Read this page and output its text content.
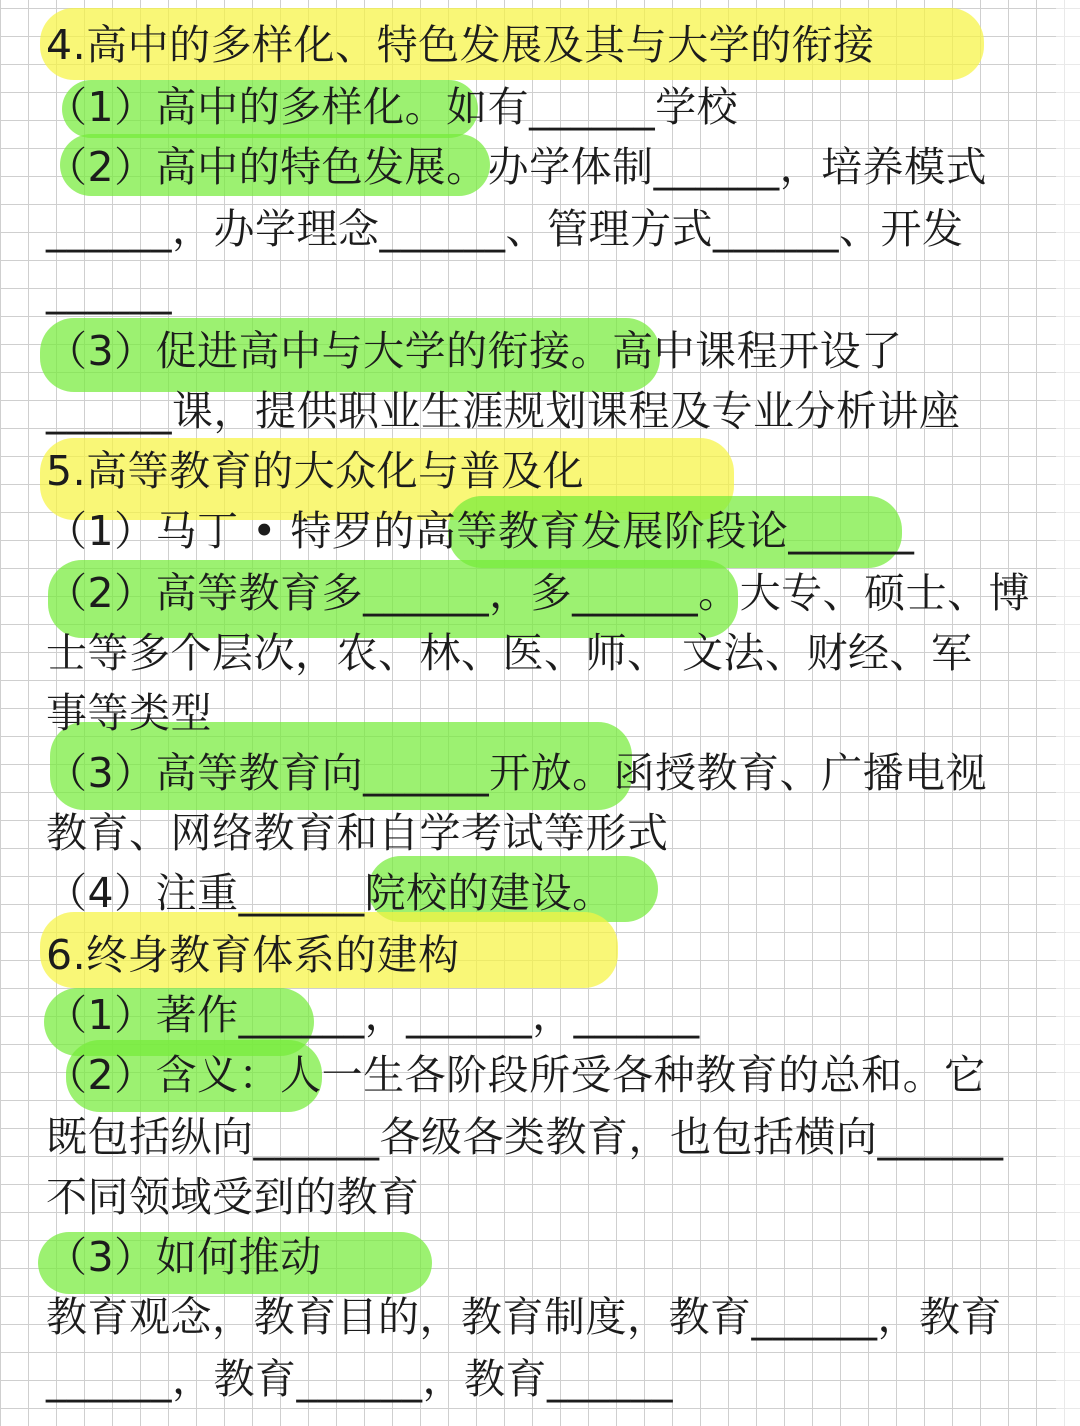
4.高中的多样化、特色发展及其与大学的衔接

（1）高中的多样化。如有______学校

（2）高中的特色发展。办学体制______，培养模式

______，办学理念______、管理方式______、开发

______

（3）促进高中与大学的衔接。高中课程开设了

______课，提供职业生涯规划课程及专业分析讲座

5.高等教育的大众化与普及化

（1）马丁 • 特罗的高等教育发展阶段论______

（2）高等教育多______，多______。大专、硕士、博

士等多个层次，农、林、医、师、 文法、财经、军

事等类型

（3）高等教育向______开放。函授教育、广播电视

教育、网络教育和自学考试等形式

（4）注重______院校的建设。

6.终身教育体系的建构

（1）著作______，______，______

（2）含义：人一生各阶段所受各种教育的总和。它

既包括纵向______各级各类教育，也包括横向______

不同领域受到的教育

（3）如何推动

教育观念，教育目的，教育制度，教育______，教育

______，教育______，教育______
